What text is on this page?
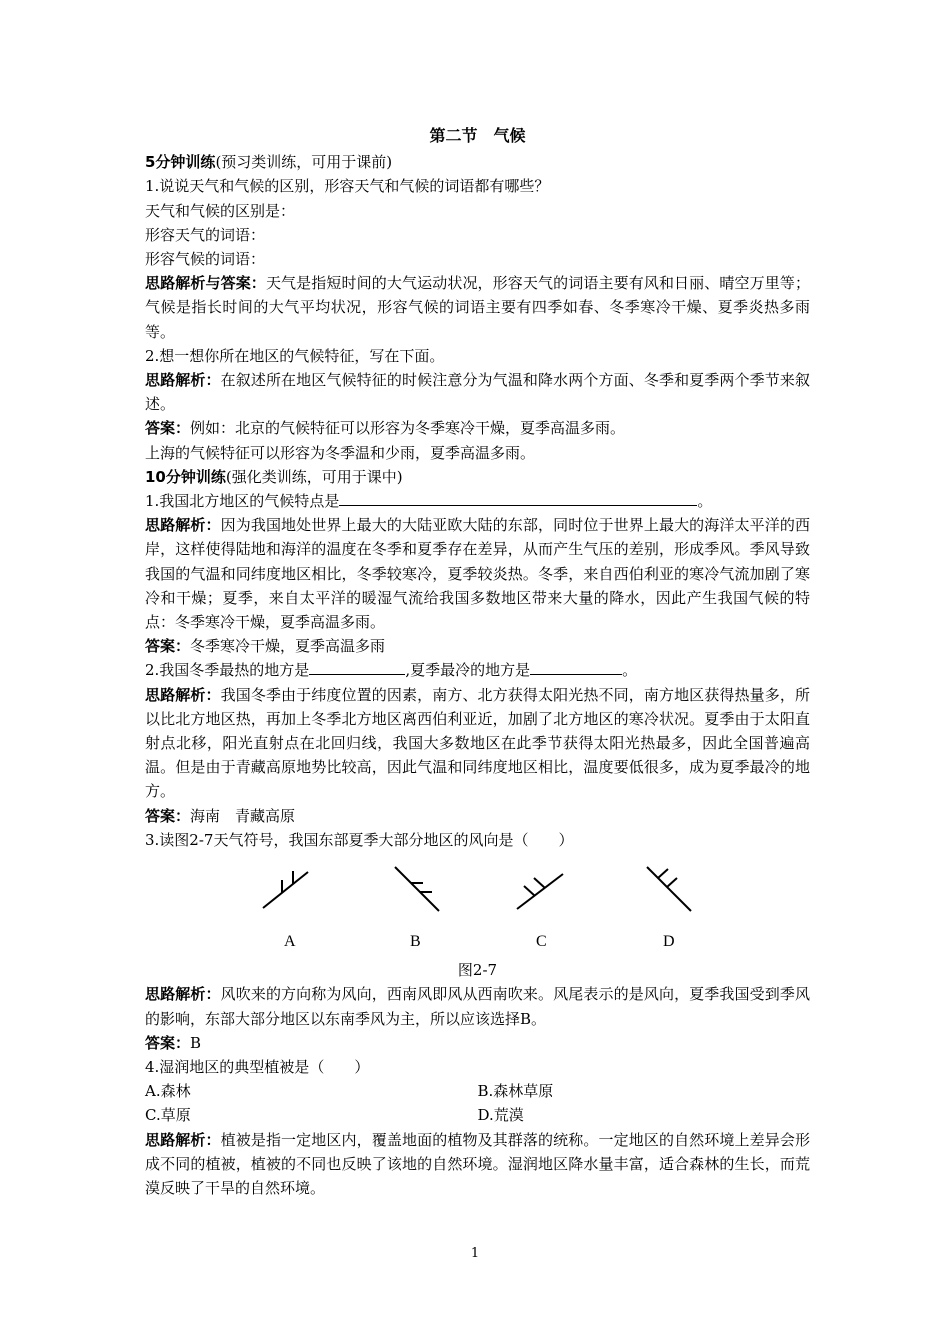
第二节　气候

5分钟训练(预习类训练，可用于课前)

1.说说天气和气候的区别，形容天气和气候的词语都有哪些？

天气和气候的区别是：

形容天气的词语：

形容气候的词语：

思路解析与答案：天气是指短时间的大气运动状况，形容天气的词语主要有风和日丽、晴空万里等；气候是指长时间的大气平均状况，形容气候的词语主要有四季如春、冬季寒冷干燥、夏季炎热多雨等。

2.想一想你所在地区的气候特征，写在下面。

思路解析：在叙述所在地区气候特征的时候注意分为气温和降水两个方面、冬季和夏季两个季节来叙述。

答案：例如：北京的气候特征可以形容为冬季寒冷干燥，夏季高温多雨。

上海的气候特征可以形容为冬季温和少雨，夏季高温多雨。

10分钟训练(强化类训练，可用于课中)

1.我国北方地区的气候特点是	。

思路解析：因为我国地处世界上最大的大陆亚欧大陆的东部，同时位于世界上最大的海洋太平洋的西岸，这样使得陆地和海洋的温度在冬季和夏季存在差异，从而产生气压的差别，形成季风。季风导致我国的气温和同纬度地区相比，冬季较寒冷，夏季较炎热。冬季，来自西伯利亚的寒冷气流加剧了寒冷和干燥；夏季，来自太平洋的暖湿气流给我国多数地区带来大量的降水，因此产生我国气候的特点：冬季寒冷干燥，夏季高温多雨。

答案：冬季寒冷干燥，夏季高温多雨

2.我国冬季最热的地方是	,夏季最冷的地方是	。

思路解析：我国冬季由于纬度位置的因素，南方、北方获得太阳光热不同，南方地区获得热量多，所以比北方地区热，再加上冬季北方地区离西伯利亚近，加剧了北方地区的寒冷状况。夏季由于太阳直射点北移，阳光直射点在北回归线，我国大多数地区在此季节获得太阳光热最多，因此全国普遍高温。但是由于青藏高原地势比较高，因此气温和同纬度地区相比，温度要低很多，成为夏季最冷的地方。

答案：海南　青藏高原

3.读图2-7天气符号，我国东部夏季大部分地区的风向是（　　）

A	B	C	D

图2-7

思路解析：风吹来的方向称为风向，西南风即风从西南吹来。风尾表示的是风向，夏季我国受到季风的影响，东部大部分地区以东南季风为主，所以应该选择B。

答案：B

4.湿润地区的典型植被是（　　）

A.森林	B.森林草原
C.草原	D.荒漠

思路解析：植被是指一定地区内，覆盖地面的植物及其群落的统称。一定地区的自然环境上差异会形成不同的植被，植被的不同也反映了该地的自然环境。湿润地区降水量丰富，适合森林的生长，而荒漠反映了干旱的自然环境。

1
